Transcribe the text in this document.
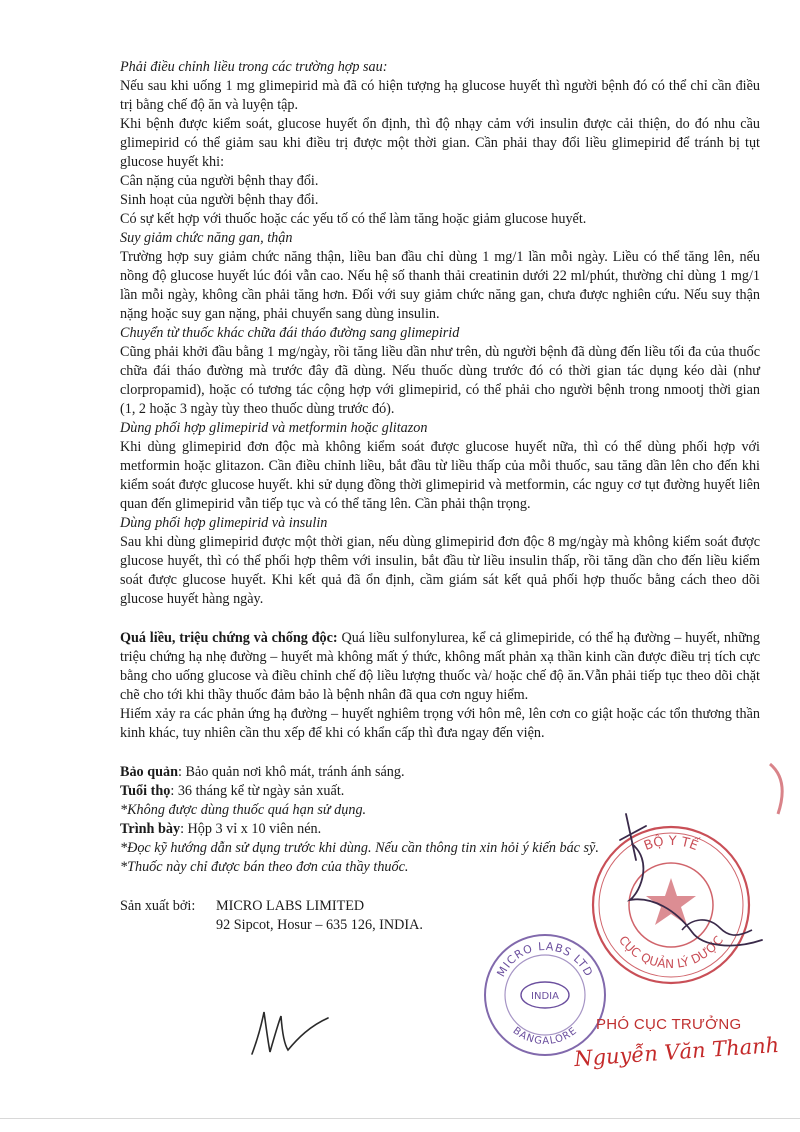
Phải điều chỉnh liều trong các trường hợp sau:

Nếu sau khi uống 1 mg glimepirid mà đã có hiện tượng hạ glucose huyết thì người bệnh đó có thể chỉ cần điều trị bằng chế độ ăn và luyện tập.

Khi bệnh được kiểm soát, glucose huyết ổn định, thì độ nhạy cảm với insulin được cải thiện, do đó nhu cầu glimepirid có thể giảm sau khi điều trị được một thời gian. Cần phải thay đổi liều glimepirid để tránh bị tụt glucose huyết khi:

Cân nặng của người bệnh thay đổi.

Sinh hoạt của người bệnh thay đổi.

Có sự kết hợp với thuốc hoặc các yếu tố có thể làm tăng hoặc giảm glucose huyết.

Suy giảm chức năng gan, thận

Trường hợp suy giảm chức năng thận, liều ban đầu chỉ dùng 1 mg/1 lần mỗi ngày. Liều có thể tăng lên, nếu nồng độ glucose huyết lúc đói vẫn cao. Nếu hệ số thanh thải creatinin dưới 22 ml/phút, thường chỉ dùng 1 mg/1 lần mỗi ngày, không cần phải tăng hơn. Đối với suy giảm chức năng gan, chưa được nghiên cứu. Nếu suy thận nặng hoặc suy gan nặng, phải chuyển sang dùng insulin.

Chuyển từ thuốc khác chữa đái tháo đường sang glimepirid

Cũng phải khởi đầu bằng 1 mg/ngày, rồi tăng liều dần như trên, dù người bệnh đã dùng đến liều tối đa của thuốc chữa đái tháo đường mà trước đây đã dùng. Nếu thuốc dùng trước đó có thời gian tác dụng kéo dài (như clorpropamid), hoặc có tương tác cộng hợp với glimepirid, có thể phải cho người bệnh trong nmootj thời gian (1, 2 hoặc 3 ngày tùy theo thuốc dùng trước đó).

Dùng phối hợp glimepirid và metformin hoặc glitazon

Khi dùng glimepirid đơn độc mà không kiểm soát được glucose huyết nữa, thì có thể dùng phối hợp với metformin hoặc glitazon. Cần điều chỉnh liều, bắt đầu từ liều thấp của mỗi thuốc, sau tăng dần lên cho đến khi kiểm soát được glucose huyết. khi sử dụng đồng thời glimepirid và metformin, các nguy cơ tụt đường huyết liên quan đến glimepirid vẫn tiếp tục và có thể tăng lên. Cần phải thận trọng.

Dùng phối hợp glimepirid và insulin

Sau khi dùng glimepirid được một thời gian, nếu dùng glimepirid đơn độc 8 mg/ngày mà không kiểm soát được glucose huyết, thì có thể phối hợp thêm với insulin, bắt đầu từ liều insulin thấp, rồi tăng dần cho đến liều kiểm soát được glucose huyết. Khi kết quả đã ổn định, cầm giám sát kết quả phối hợp thuốc bằng cách theo dõi glucose huyết hàng ngày.

Quá liều, triệu chứng và chống độc: Quá liều sulfonylurea, kể cả glimepiride, có thể hạ đường – huyết, những triệu chứng hạ nhẹ đường – huyết mà không mất ý thức, không mất phản xạ thần kinh cần được điều trị tích cực bằng cho uống glucose và điều chỉnh chế độ liều lượng thuốc và/ hoặc chế độ ăn.Vẫn phải tiếp tục theo dõi chặt chẽ cho tới khi thầy thuốc đảm bảo là bệnh nhân đã qua cơn nguy hiểm.

Hiếm xảy ra các phản ứng hạ đường – huyết nghiêm trọng với hôn mê, lên cơn co giật hoặc các tổn thương thần kinh khác, tuy nhiên cần thu xếp để khi có khẩn cấp thì đưa ngay đến viện.

Bảo quản: Bảo quản nơi khô mát, tránh ánh sáng.

Tuổi thọ: 36 tháng kể từ ngày sản xuất.

*Không được dùng thuốc quá hạn sử dụng.

Trình bày: Hộp 3 vỉ x 10 viên nén.

*Đọc kỹ hướng dẫn sử dụng trước khi dùng. Nếu cần thông tin xin hỏi ý kiến bác sỹ.

*Thuốc này chỉ được bán theo đơn của thầy thuốc.

Sản xuất bởi:	MICRO LABS LIMITED

92 Sipcot, Hosur – 635 126, INDIA.

BỘ Y TẾ
CỤC QUẢN LÝ DƯỢC
MICRO LABS LTD
INDIA
BANGALORE PHÓ CỤC TRƯỞNG
Nguyễn Văn Thanh
